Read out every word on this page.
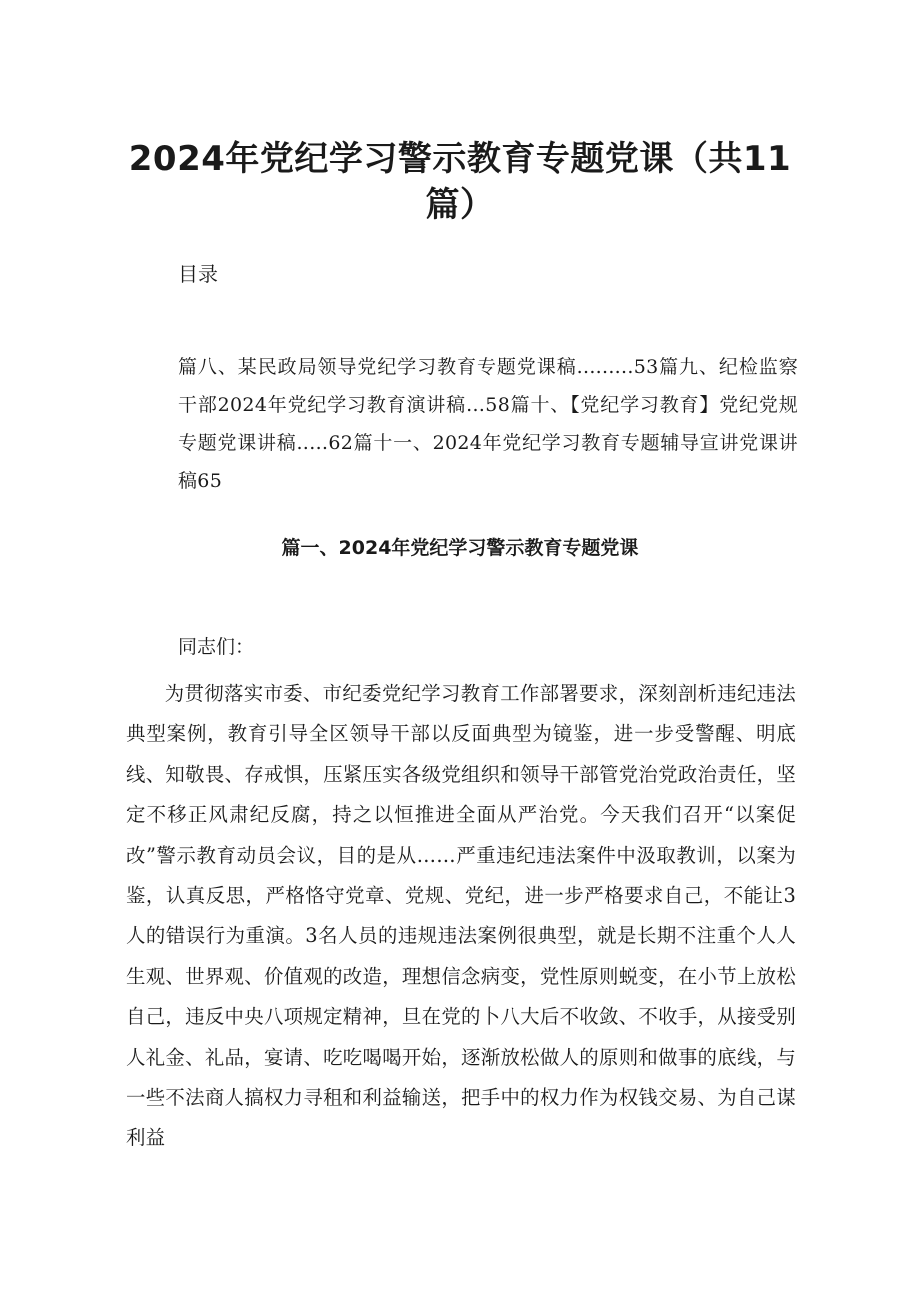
2024年党纪学习警示教育专题党课（共11篇）

目录

篇八、某民政局领导党纪学习教育专题党课稿.........53篇九、纪检监察干部2024年党纪学习教育演讲稿…58篇十、【党纪学习教育】党纪党规专题党课讲稿..…62篇十一、2024年党纪学习教育专题辅导宣讲党课讲稿65

篇一、2024年党纪学习警示教育专题党课

同志们：

为贯彻落实市委、市纪委党纪学习教育工作部署要求，深刻剖析违纪违法典型案例，教育引导全区领导干部以反面典型为镜鉴，进一步受警醒、明底线、知敬畏、存戒惧，压紧压实各级党组织和领导干部管党治党政治责任，坚定不移正风肃纪反腐，持之以恒推进全面从严治党。今天我们召开“以案促改”警示教育动员会议，目的是从……严重违纪违法案件中汲取教训，以案为鉴，认真反思，严格恪守党章、党规、党纪，进一步严格要求自己，不能让3人的错误行为重演。3名人员的违规违法案例很典型，就是长期不注重个人人生观、世界观、价值观的改造，理想信念病变，党性原则蜕变，在小节上放松自己，违反中央八项规定精神，旦在党的卜八大后不收敛、不收手，从接受别人礼金、礼品，宴请、吃吃喝喝开始，逐渐放松做人的原则和做事的底线，与一些不法商人搞权力寻租和利益输送，把手中的权力作为权钱交易、为自己谋利益
